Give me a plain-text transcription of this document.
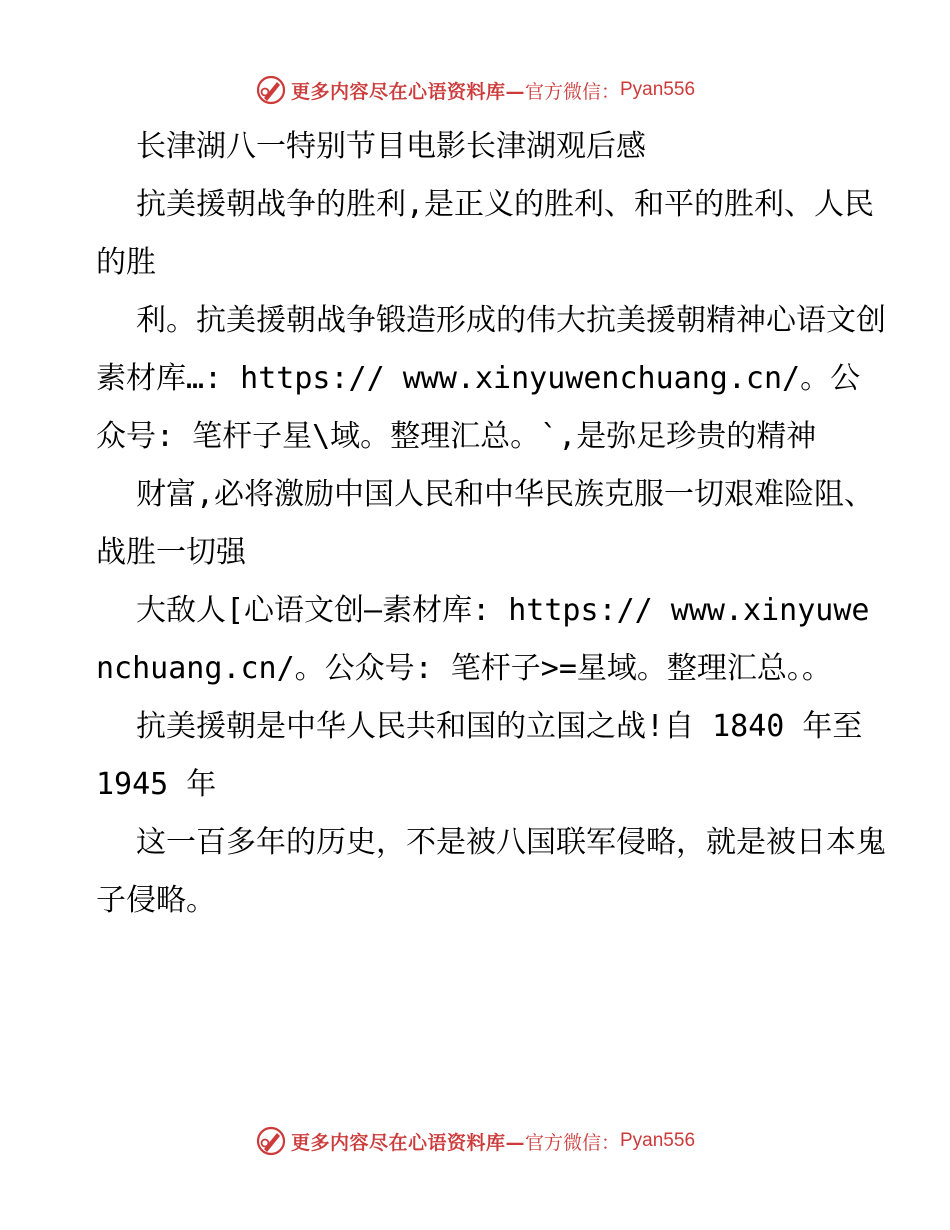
更多内容尽在心语资料库— 官方微信： Pyan556

长津湖八一特别节目电影长津湖观后感

抗美援朝战争的胜利,是正义的胜利、和平的胜利、人民的胜

利。抗美援朝战争锻造形成的伟大抗美援朝精神心语文创素材库…: https:// www.xinyuwenchuang.cn/。公众号: 笔杆子星\域。整理汇总。`,是弥足珍贵的精神

财富,必将激励中国人民和中华民族克服一切艰难险阻、战胜一切强

大敌人[心语文创—素材库: https:// www.xinyuwenchuang.cn/。公众号: 笔杆子>=星域。整理汇总。。

抗美援朝是中华人民共和国的立国之战!自 1840 年至 1945 年

这一百多年的历史，不是被八国联军侵略，就是被日本鬼子侵略。

更多内容尽在心语资料库— 官方微信： Pyan556
